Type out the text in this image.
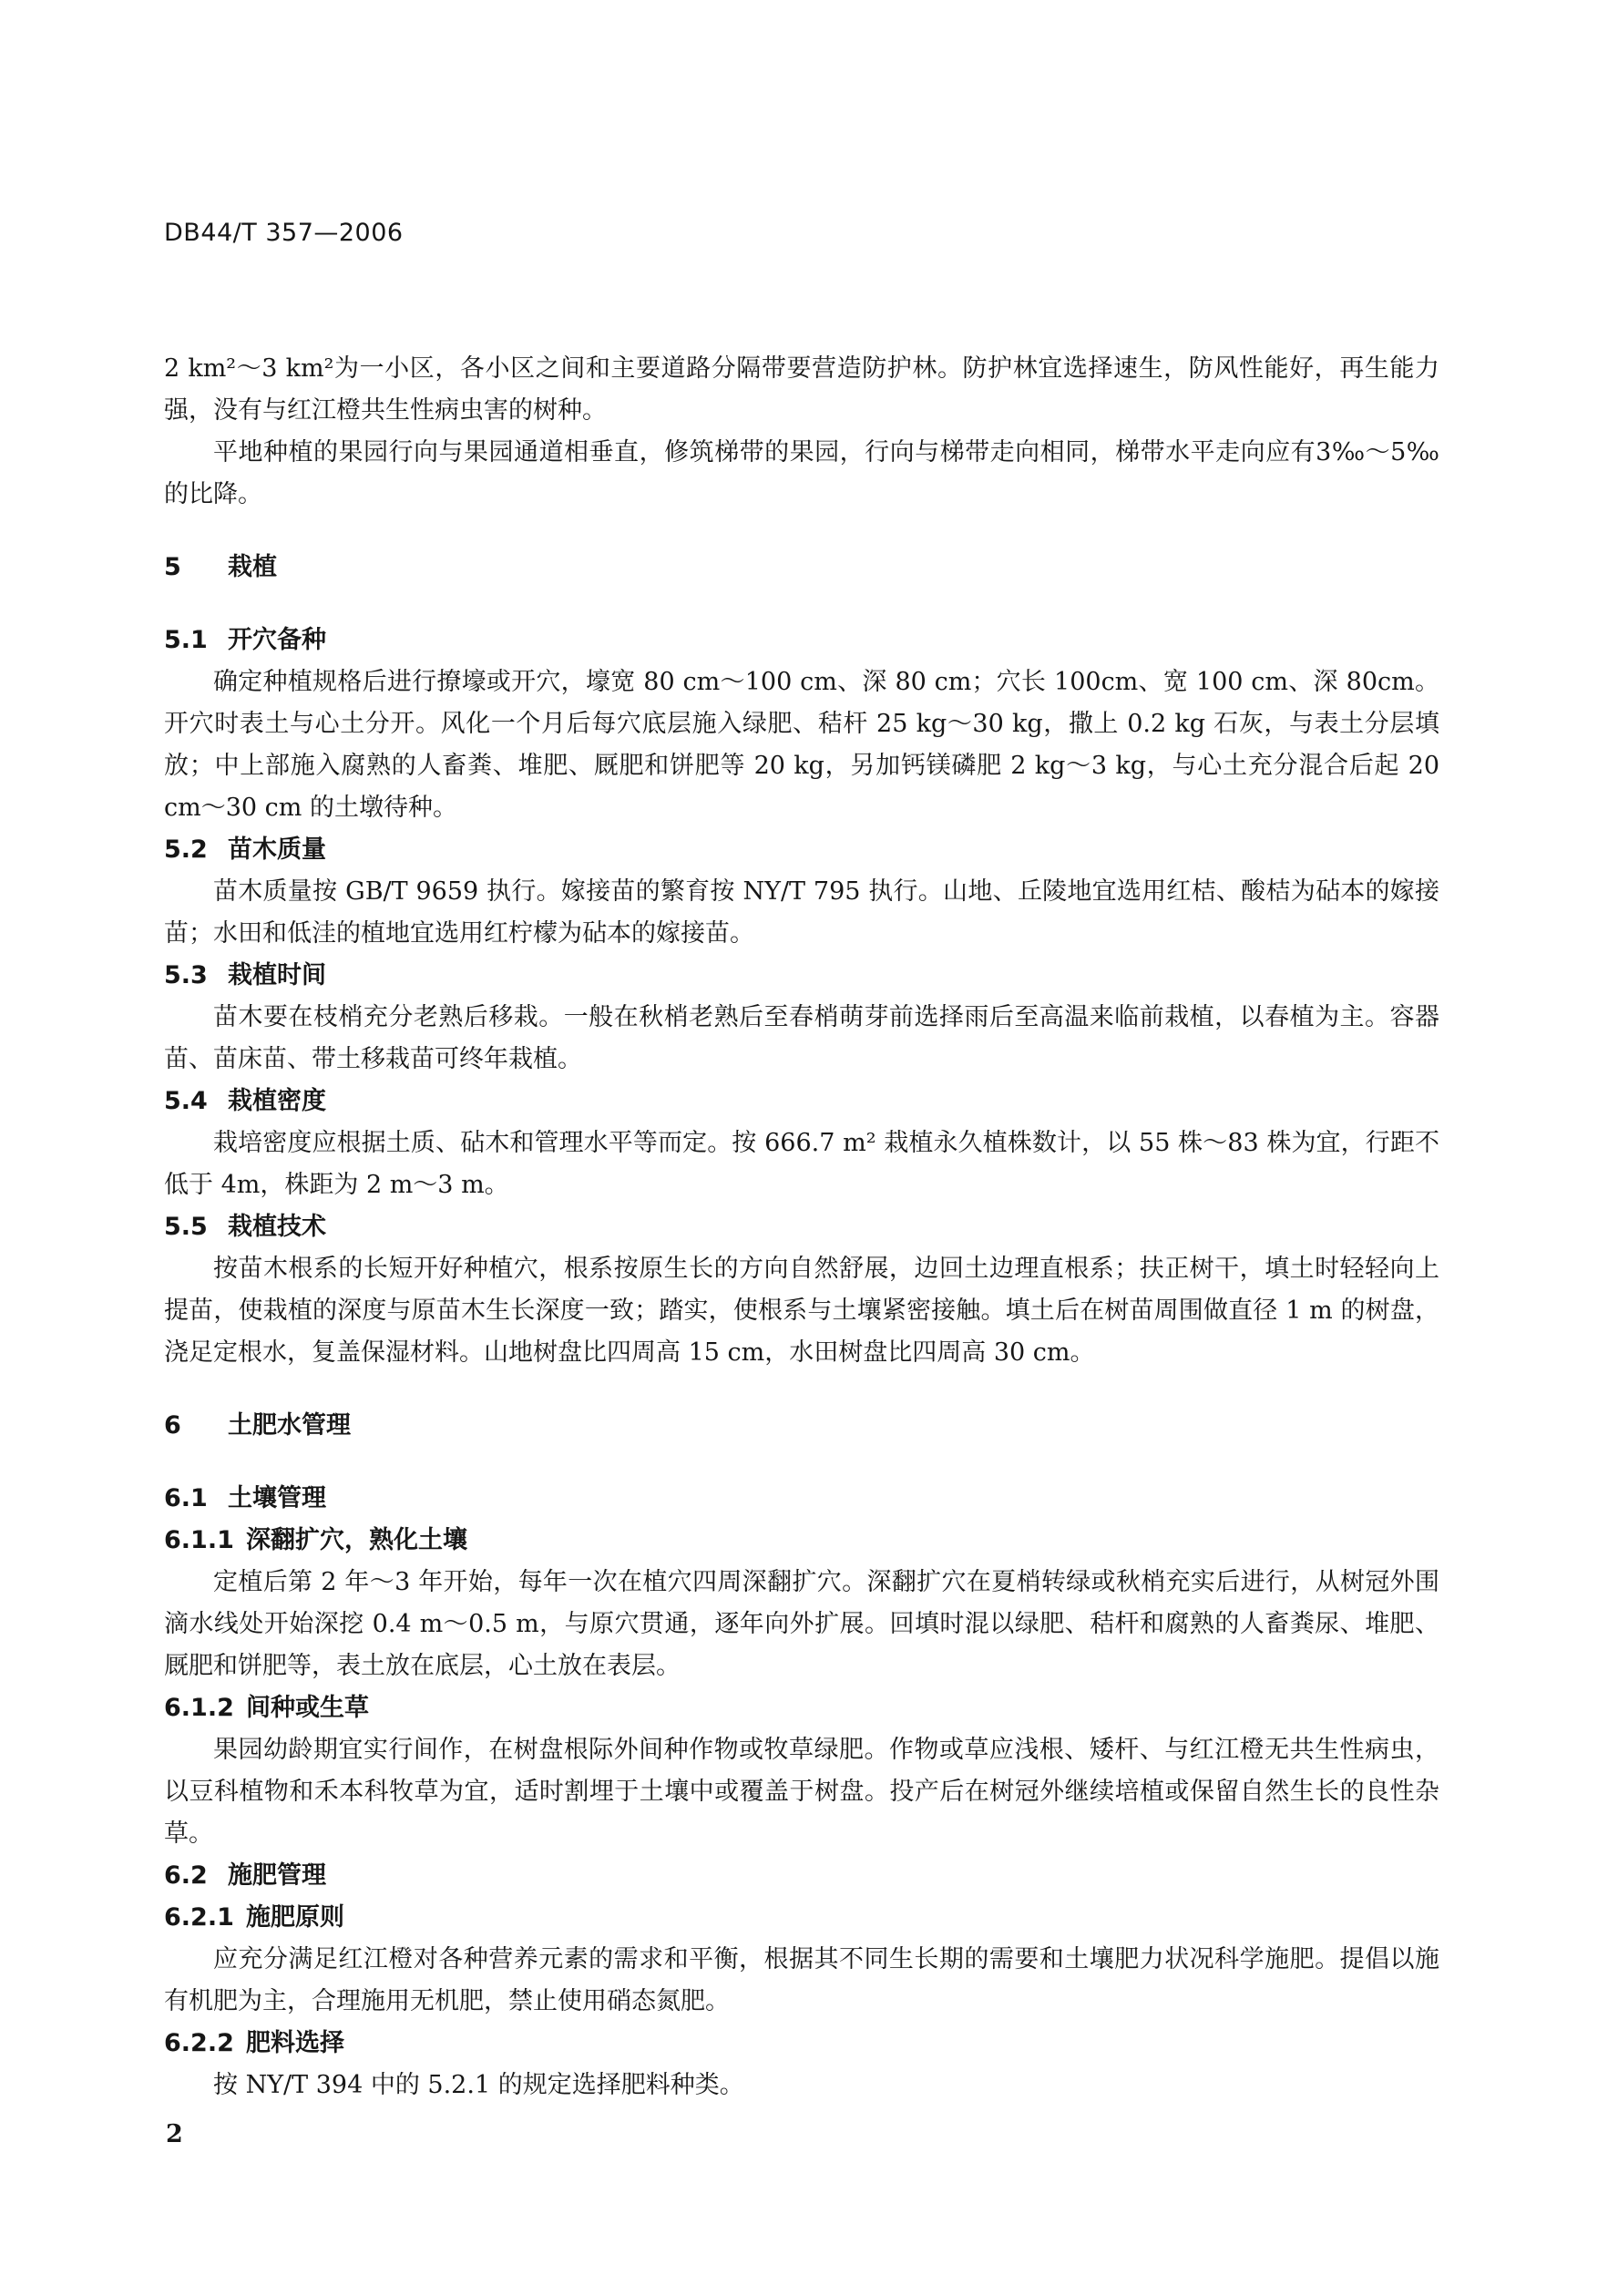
DB44/T 357—2006

2 km²～3 km²为一小区，各小区之间和主要道路分隔带要营造防护林。防护林宜选择速生，防风性能好，再生能力强，没有与红江橙共生性病虫害的树种。

平地种植的果园行向与果园通道相垂直，修筑梯带的果园，行向与梯带走向相同，梯带水平走向应有3‰～5‰的比降。

5 栽植

5.1 开穴备种

确定种植规格后进行撩壕或开穴，壕宽 80 cm～100 cm、深 80 cm；穴长 100cm、宽 100 cm、深 80cm。开穴时表土与心土分开。风化一个月后每穴底层施入绿肥、秸杆 25 kg～30 kg，撒上 0.2 kg 石灰，与表土分层填放；中上部施入腐熟的人畜粪、堆肥、厩肥和饼肥等 20 kg，另加钙镁磷肥 2 kg～3 kg，与心土充分混合后起 20 cm～30 cm 的土墩待种。

5.2 苗木质量

苗木质量按 GB/T 9659 执行。嫁接苗的繁育按 NY/T 795 执行。山地、丘陵地宜选用红桔、酸桔为砧本的嫁接苗；水田和低洼的植地宜选用红柠檬为砧本的嫁接苗。

5.3 栽植时间

苗木要在枝梢充分老熟后移栽。一般在秋梢老熟后至春梢萌芽前选择雨后至高温来临前栽植，以春植为主。容器苗、苗床苗、带土移栽苗可终年栽植。

5.4 栽植密度

栽培密度应根据土质、砧木和管理水平等而定。按 666.7 m² 栽植永久植株数计，以 55 株～83 株为宜，行距不低于 4m，株距为 2 m～3 m。

5.5 栽植技术

按苗木根系的长短开好种植穴，根系按原生长的方向自然舒展，边回土边理直根系；扶正树干，填土时轻轻向上提苗，使栽植的深度与原苗木生长深度一致；踏实，使根系与土壤紧密接触。填土后在树苗周围做直径 1 m 的树盘，浇足定根水，复盖保湿材料。山地树盘比四周高 15 cm，水田树盘比四周高 30 cm。

6 土肥水管理

6.1 土壤管理

6.1.1 深翻扩穴，熟化土壤

定植后第 2 年～3 年开始，每年一次在植穴四周深翻扩穴。深翻扩穴在夏梢转绿或秋梢充实后进行，从树冠外围滴水线处开始深挖 0.4 m～0.5 m，与原穴贯通，逐年向外扩展。回填时混以绿肥、秸杆和腐熟的人畜粪尿、堆肥、厩肥和饼肥等，表土放在底层，心土放在表层。

6.1.2 间种或生草

果园幼龄期宜实行间作，在树盘根际外间种作物或牧草绿肥。作物或草应浅根、矮杆、与红江橙无共生性病虫，以豆科植物和禾本科牧草为宜，适时割埋于土壤中或覆盖于树盘。投产后在树冠外继续培植或保留自然生长的良性杂草。

6.2 施肥管理

6.2.1 施肥原则

应充分满足红江橙对各种营养元素的需求和平衡，根据其不同生长期的需要和土壤肥力状况科学施肥。提倡以施有机肥为主，合理施用无机肥，禁止使用硝态氮肥。

6.2.2 肥料选择

按 NY/T 394 中的 5.2.1 的规定选择肥料种类。

2
